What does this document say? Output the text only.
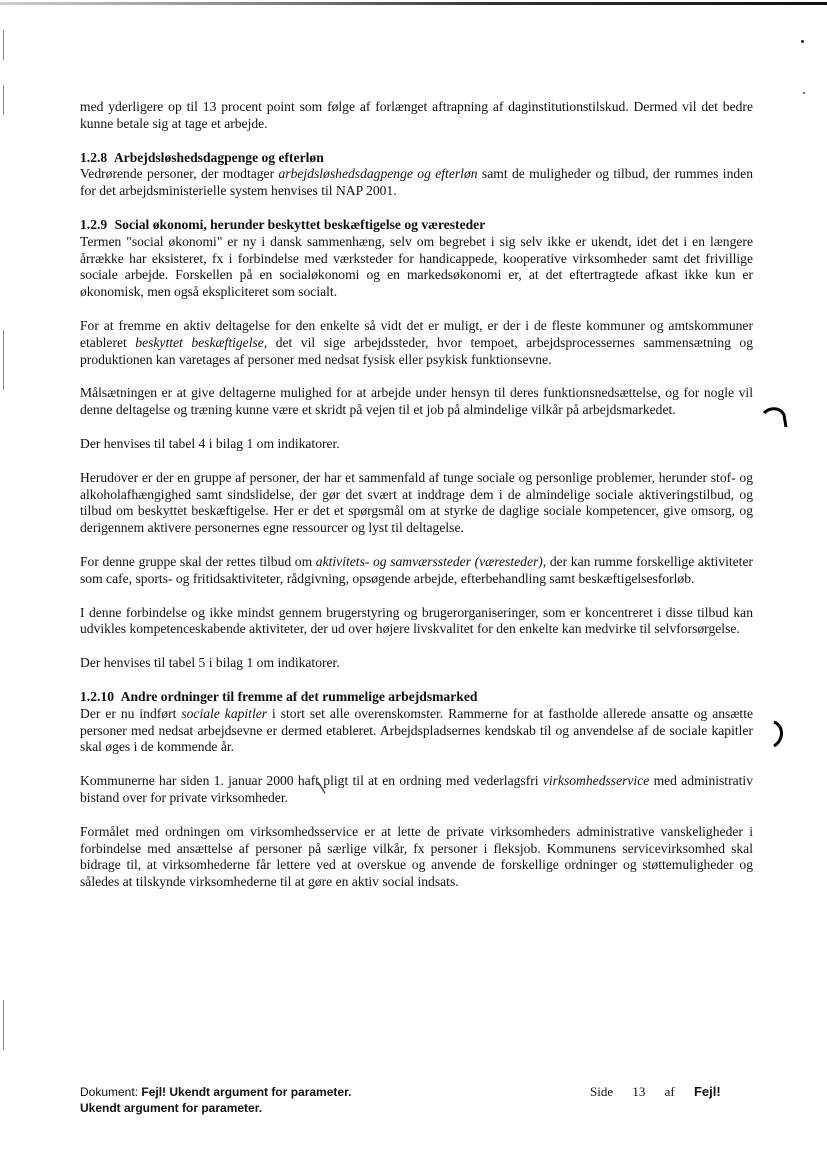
med yderligere op til 13 procent point som følge af forlænget aftrapning af daginstitutionstilskud. Dermed vil det bedre kunne betale sig at tage et arbejde.

1.2.8 Arbejdsløshedsdagpenge og efterløn

Vedrørende personer, der modtager arbejdsløshedsdagpenge og efterløn samt de muligheder og tilbud, der rummes inden for det arbejdsministerielle system henvises til NAP 2001.

1.2.9 Social økonomi, herunder beskyttet beskæftigelse og væresteder

Termen "social økonomi" er ny i dansk sammenhæng, selv om begrebet i sig selv ikke er ukendt, idet det i en længere årrække har eksisteret, fx i forbindelse med værksteder for handicappede, kooperative virksomheder samt det frivillige sociale arbejde. Forskellen på en socialøkonomi og en markedsøkonomi er, at det eftertragtede afkast ikke kun er økonomisk, men også ekspliciteret som socialt.

For at fremme en aktiv deltagelse for den enkelte så vidt det er muligt, er der i de fleste kommuner og amtskommuner etableret beskyttet beskæftigelse, det vil sige arbejdssteder, hvor tempoet, arbejdsprocessernes sammensætning og produktionen kan varetages af personer med nedsat fysisk eller psykisk funktionsevne.

Målsætningen er at give deltagerne mulighed for at arbejde under hensyn til deres funktionsnedsættelse, og for nogle vil denne deltagelse og træning kunne være et skridt på vejen til et job på almindelige vilkår på arbejdsmarkedet.

Der henvises til tabel 4 i bilag 1 om indikatorer.

Herudover er der en gruppe af personer, der har et sammenfald af tunge sociale og personlige problemer, herunder stof- og alkoholafhængighed samt sindslidelse, der gør det svært at inddrage dem i de almindelige sociale aktiveringstilbud, og tilbud om beskyttet beskæftigelse. Her er det et spørgsmål om at styrke de daglige sociale kompetencer, give omsorg, og derigennem aktivere personernes egne ressourcer og lyst til deltagelse.

For denne gruppe skal der rettes tilbud om aktivitets- og samværssteder (væresteder), der kan rumme forskellige aktiviteter som cafe, sports- og fritidsaktiviteter, rådgivning, opsøgende arbejde, efterbehandling samt beskæftigelsesforløb.

I denne forbindelse og ikke mindst gennem brugerstyring og brugerorganiseringer, som er koncentreret i disse tilbud kan udvikles kompetenceskabende aktiviteter, der ud over højere livskvalitet for den enkelte kan medvirke til selvforsørgelse.

Der henvises til tabel 5 i bilag 1 om indikatorer.

1.2.10 Andre ordninger til fremme af det rummelige arbejdsmarked

Der er nu indført sociale kapitler i stort set alle overenskomster. Rammerne for at fastholde allerede ansatte og ansætte personer med nedsat arbejdsevne er dermed etableret. Arbejdspladsernes kendskab til og anvendelse af de sociale kapitler skal øges i de kommende år.

Kommunerne har siden 1. januar 2000 haft pligt til at en ordning med vederlagsfri virksomhedsservice med administrativ bistand over for private virksomheder.

Formålet med ordningen om virksomhedsservice er at lette de private virksomheders administrative vanskeligheder i forbindelse med ansættelse af personer på særlige vilkår, fx personer i fleksjob. Kommunens servicevirksomhed skal bidrage til, at virksomhederne får lettere ved at overskue og anvende de forskellige ordninger og støttemuligheder og således at tilskynde virksomhederne til at gøre en aktiv social indsats.

Dokument: Fejl! Ukendt argument for parameter.
Ukendt argument for parameter.
Side 13 af Fejl!
